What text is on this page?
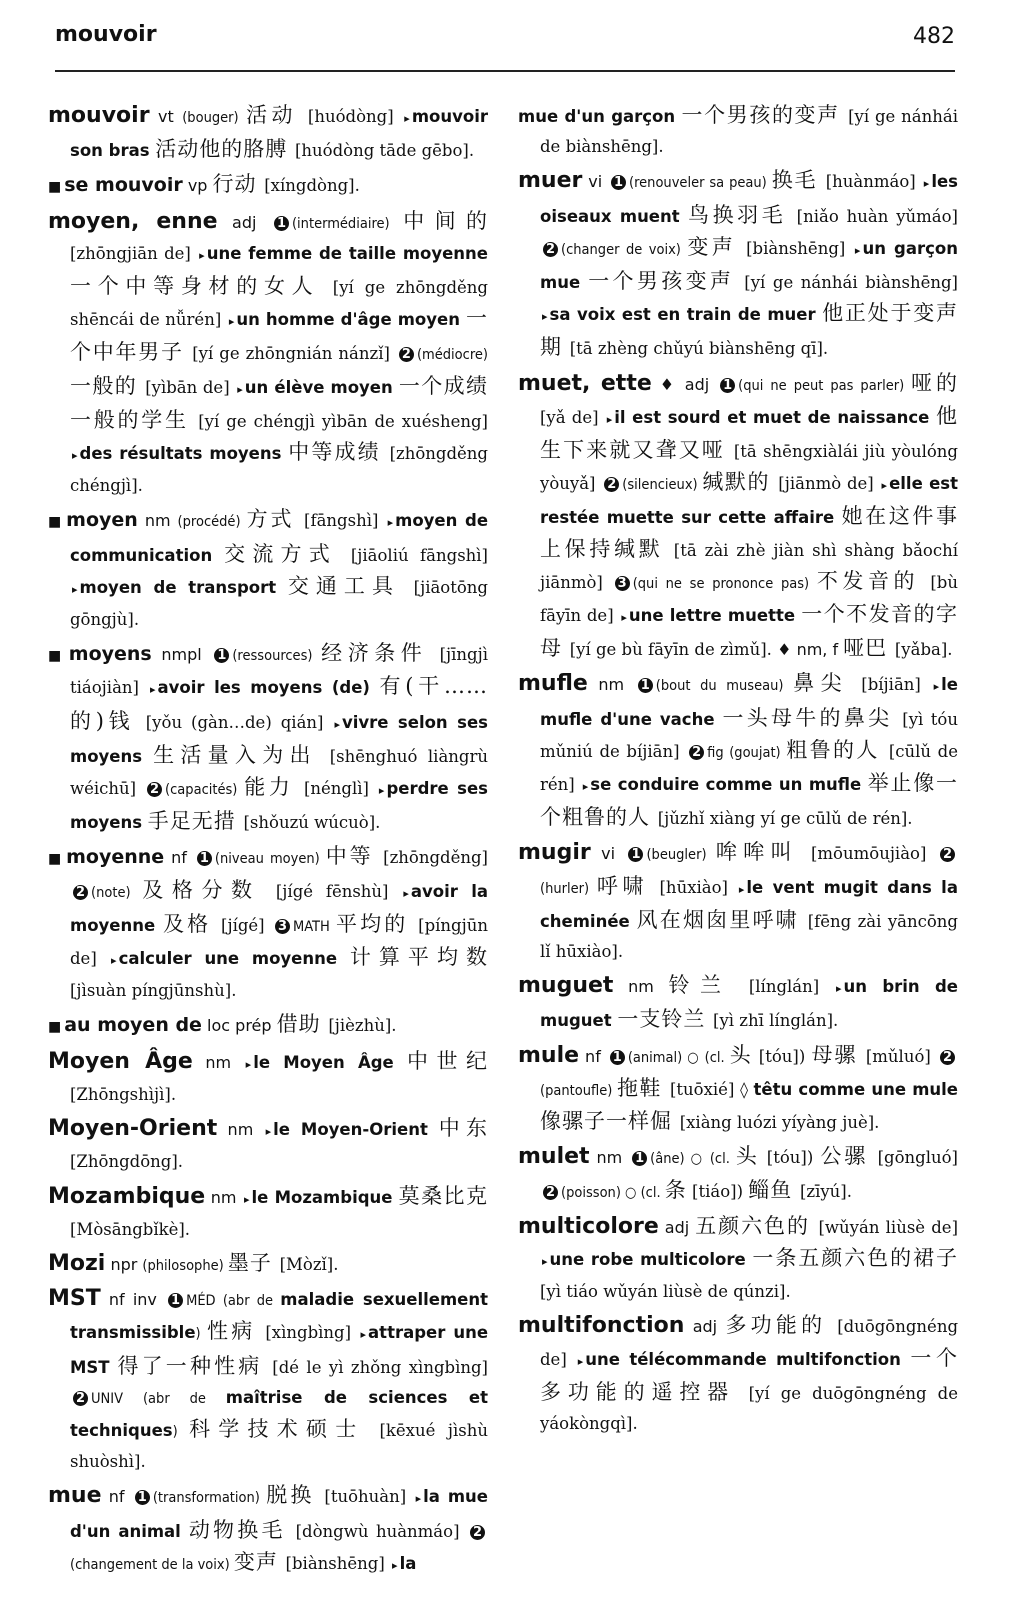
mouvoir	482

mouvoir vt (bouger) 活动 [huódòng] ▸ mouvoir son bras 活动他的胳膊 [huódòng tāde gēbo].

■ se mouvoir vp 行动 [xíngdòng].

moyen, enne adj 1 (intermédiaire) 中间的 [zhōngjiān de] ▸ une femme de taille moyenne 一个中等身材的女人 [yí ge zhōngděng shēncái de nǚrén] ▸ un homme d'âge moyen 一个中年男子 [yí ge zhōngnián nánzǐ] 2 (médiocre) 一般的 [yìbān de] ▸ un élève moyen 一个成绩一般的学生 [yí ge chéngjì yìbān de xuésheng] ▸ des résultats moyens 中等成绩 [zhōngděng chéngjì].

■ moyen nm (procédé) 方式 [fāngshì] ▸ moyen de communication 交流方式 [jiāoliú fāngshì] ▸ moyen de transport 交通工具 [jiāotōng gōngjù].

■ moyens nmpl 1 (ressources) 经济条件 [jīngjì tiáojiàn] ▸ avoir les moyens (de) 有(干……的)钱 [yǒu (gàn…de) qián] ▸ vivre selon ses moyens 生活量入为出 [shēnghuó liàngrù wéichū] 2 (capacités) 能力 [nénglì] ▸ perdre ses moyens 手足无措 [shǒuzú wúcuò].

■ moyenne nf 1 (niveau moyen) 中等 [zhōngděng] 2 (note) 及格分数 [jígé fēnshù] ▸ avoir la moyenne 及格 [jígé] 3 MATH 平均的 [píngjūn de] ▸ calculer une moyenne 计算平均数 [jìsuàn píngjūnshù].

■ au moyen de loc prép 借助 [jièzhù].

Moyen Âge nm ▸ le Moyen Âge 中世纪 [Zhōngshìjì].

Moyen-Orient nm ▸ le Moyen-Orient 中东 [Zhōngdōng].

Mozambique nm ▸ le Mozambique 莫桑比克 [Mòsāngbǐkè].

Mozi npr (philosophe) 墨子 [Mòzǐ].

MST nf inv 1 MÉD (abr de maladie sexuellement transmissible) 性病 [xìngbìng] ▸ attraper une MST 得了一种性病 [dé le yì zhǒng xìngbìng] 2 UNIV (abr de maîtrise de sciences et techniques) 科学技术硕士 [kēxué jìshù shuòshì].

mue nf 1 (transformation) 脱换 [tuōhuàn] ▸ la mue d'un animal 动物换毛 [dòngwù huànmáo] 2(changement de la voix) 变声 [biànshēng] ▸ la

mue d'un garçon 一个男孩的变声 [yí ge nánhái de biànshēng].

muer vi 1 (renouveler sa peau) 换毛 [huànmáo] ▸ les oiseaux muent 鸟换羽毛 [niǎo huàn yǔmáo] 2 (changer de voix) 变声 [biànshēng] ▸ un garçon mue 一个男孩变声 [yí ge nánhái biànshēng] ▸ sa voix est en train de muer 他正处于变声期 [tā zhèng chǔyú biànshēng qī].

muet, ette ♦ adj 1 (qui ne peut pas parler) 哑的 [yǎ de] ▸ il est sourd et muet de naissance 他生下来就又聋又哑 [tā shēngxiàlái jiù yòulóng yòuyǎ] 2 (silencieux) 缄默的 [jiānmò de] ▸ elle est restée muette sur cette affaire 她在这件事上保持缄默 [tā zài zhè jiàn shì shàng bǎochí jiānmò] 3 (qui ne se prononce pas) 不发音的 [bù fāyīn de] ▸ une lettre muette 一个不发音的字母 [yí ge bù fāyīn de zìmǔ]. ♦ nm, f 哑巴 [yǎba].

mufle nm 1 (bout du museau) 鼻尖 [bíjiān] ▸ le mufle d'une vache 一头母牛的鼻尖 [yì tóu mǔniú de bíjiān] 2 fig (goujat) 粗鲁的人 [cūlǔ de rén] ▸ se conduire comme un mufle 举止像一个粗鲁的人 [jǔzhǐ xiàng yí ge cūlǔ de rén].

mugir vi 1 (beugler) 哞哞叫 [mōumōujiào] 2(hurler) 呼啸 [hūxiào] ▸ le vent mugit dans la cheminée 风在烟囱里呼啸 [fēng zài yāncōng lǐ hūxiào].

muguet nm 铃兰 [línglán] ▸ un brin de muguet 一支铃兰 [yì zhī línglán].

mule nf 1 (animal) ○ (cl. 头 [tóu]) 母骡 [mǔluó] 2(pantoufle) 拖鞋 [tuōxié] ◊ têtu comme une mule 像骡子一样倔 [xiàng luózi yíyàng juè].

mulet nm 1 (âne) ○ (cl. 头 [tóu]) 公骡 [gōngluó] 2 (poisson) ○ (cl. 条 [tiáo]) 鲻鱼 [zīyú].

multicolore adj 五颜六色的 [wǔyán liùsè de] ▸ une robe multicolore 一条五颜六色的裙子 [yì tiáo wǔyán liùsè de qúnzi].

multifonction adj 多功能的 [duōgōngnéng de] ▸ une télécommande multifonction 一个多功能的遥控器 [yí ge duōgōngnéng de yáokòngqì].
